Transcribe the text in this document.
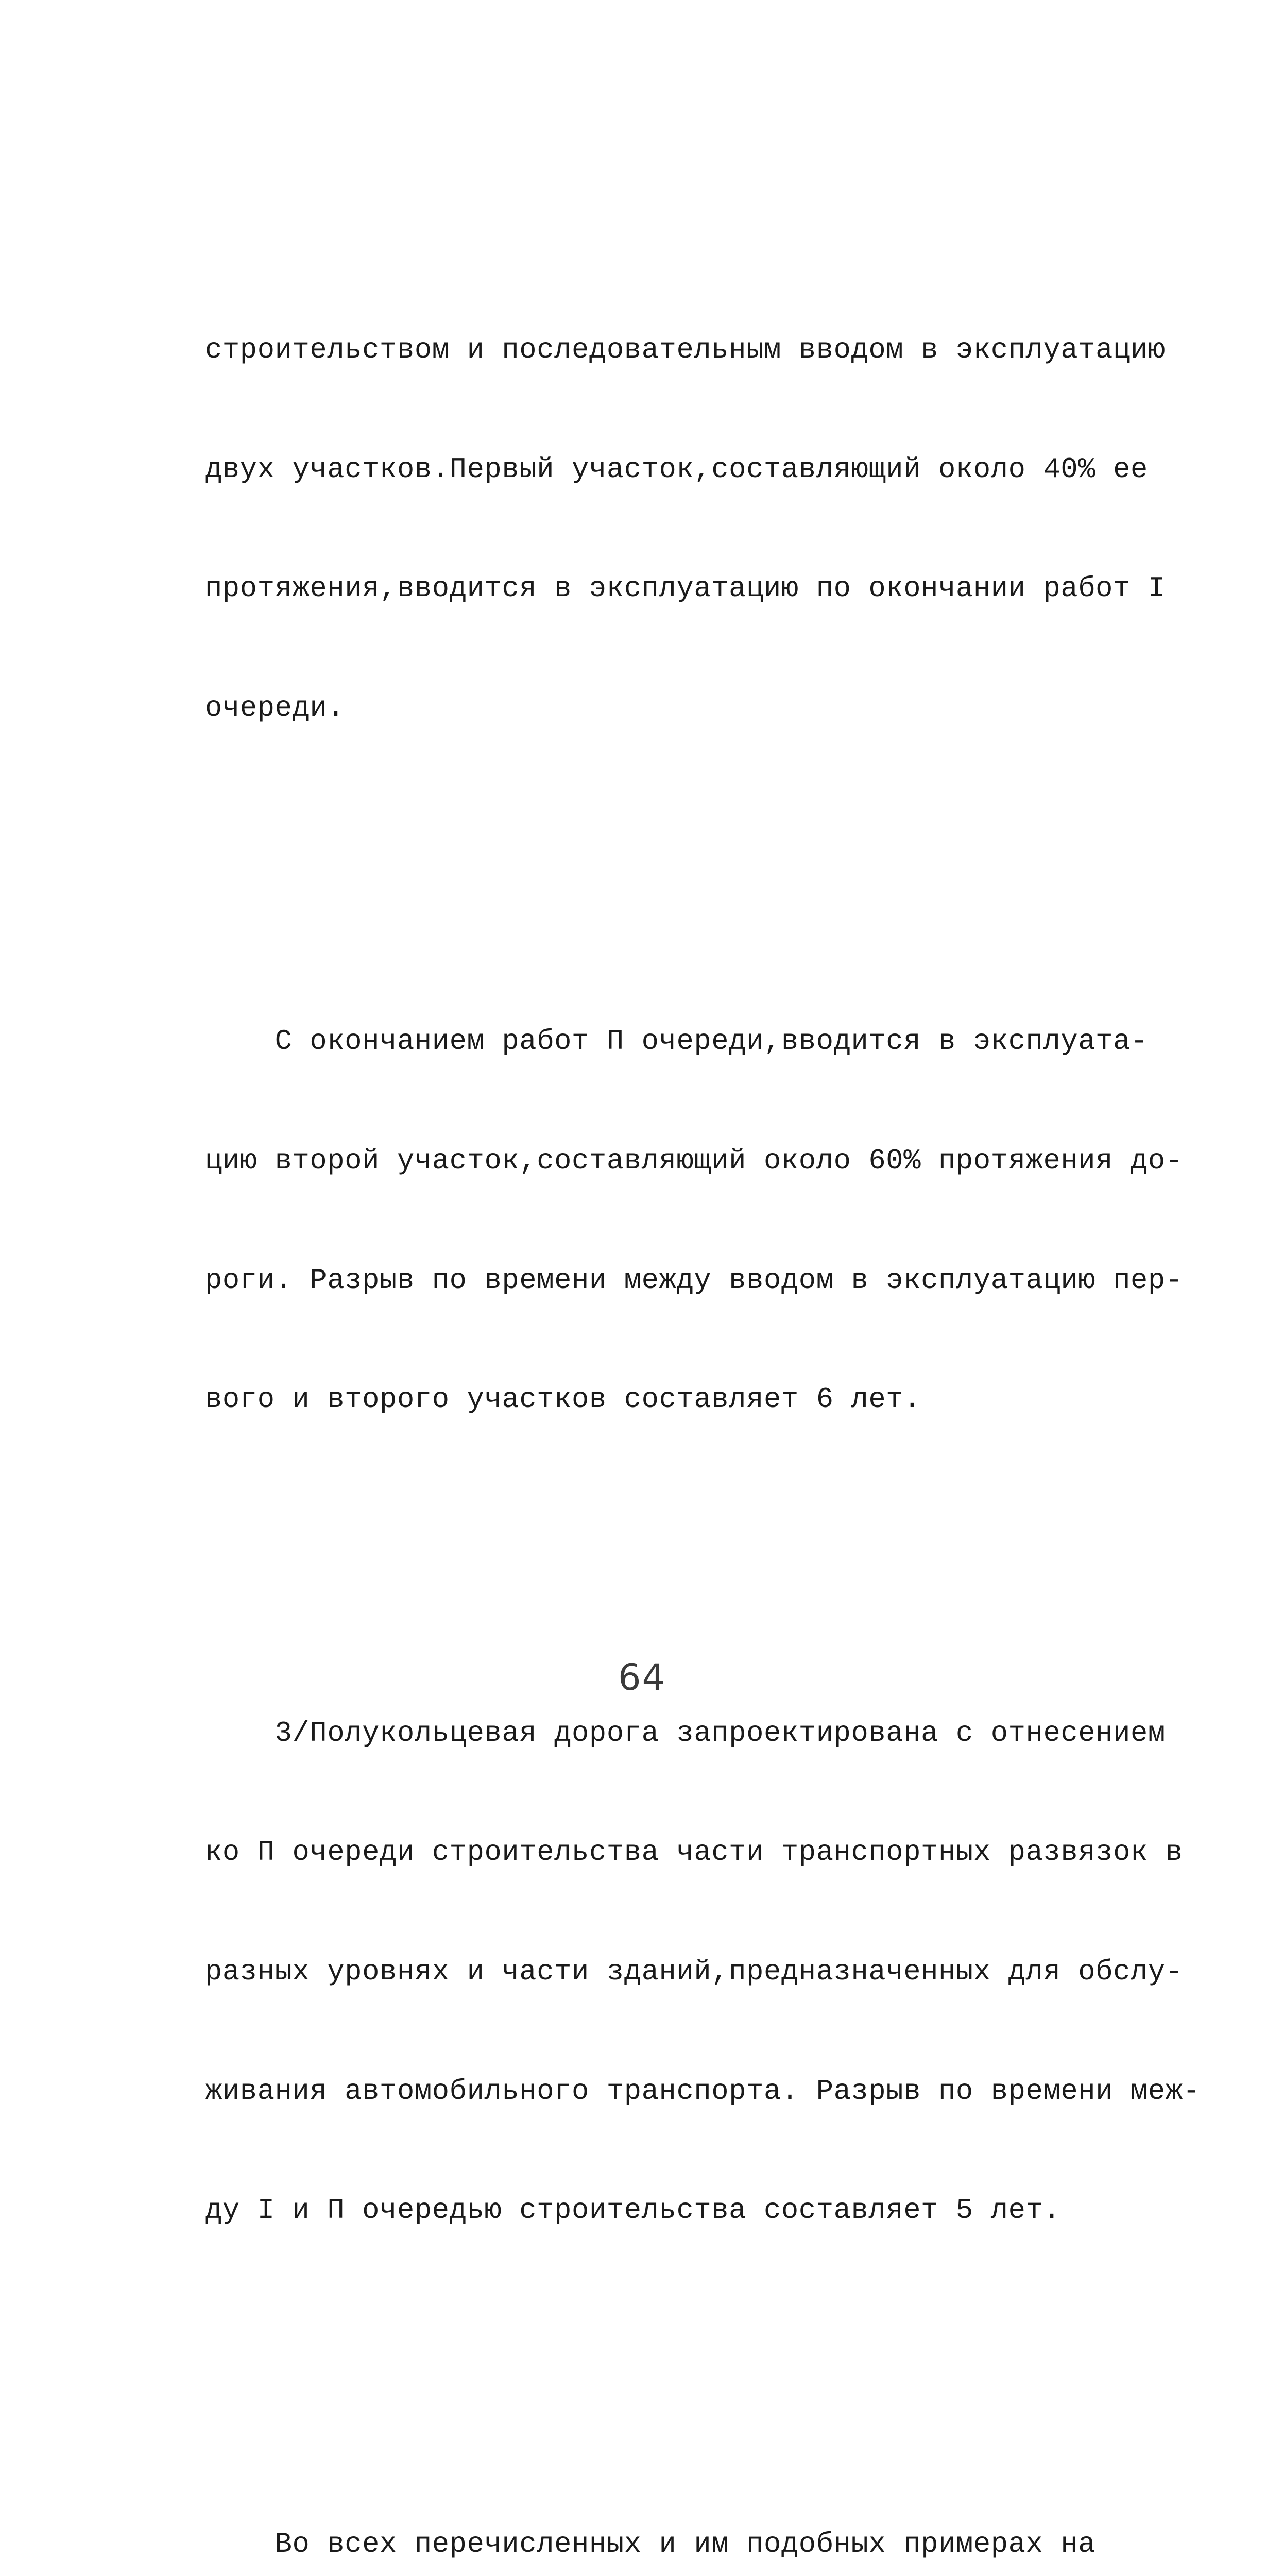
строительством и последовательным вводом в эксплуатацию

двух участков.Первый участок,составляющий около 40% ее

протяжения,вводится в эксплуатацию по окончании работ I

очереди.

С окончанием работ П очереди,вводится в эксплуата-

цию второй участок,составляющий около 60% протяжения до-

роги. Разрыв по времени между вводом в эксплуатацию пер-

вого и второго участков составляет 6 лет.

3/Полукольцевая дорога запроектирована с отнесением

ко П очереди строительства части транспортных развязок в

разных уровнях и части зданий,предназначенных для обслу-

живания автомобильного транспорта. Разрыв по времени меж-

ду I и П очередью строительства составляет 5 лет.

Во всех перечисленных и им подобных примерах на

64
